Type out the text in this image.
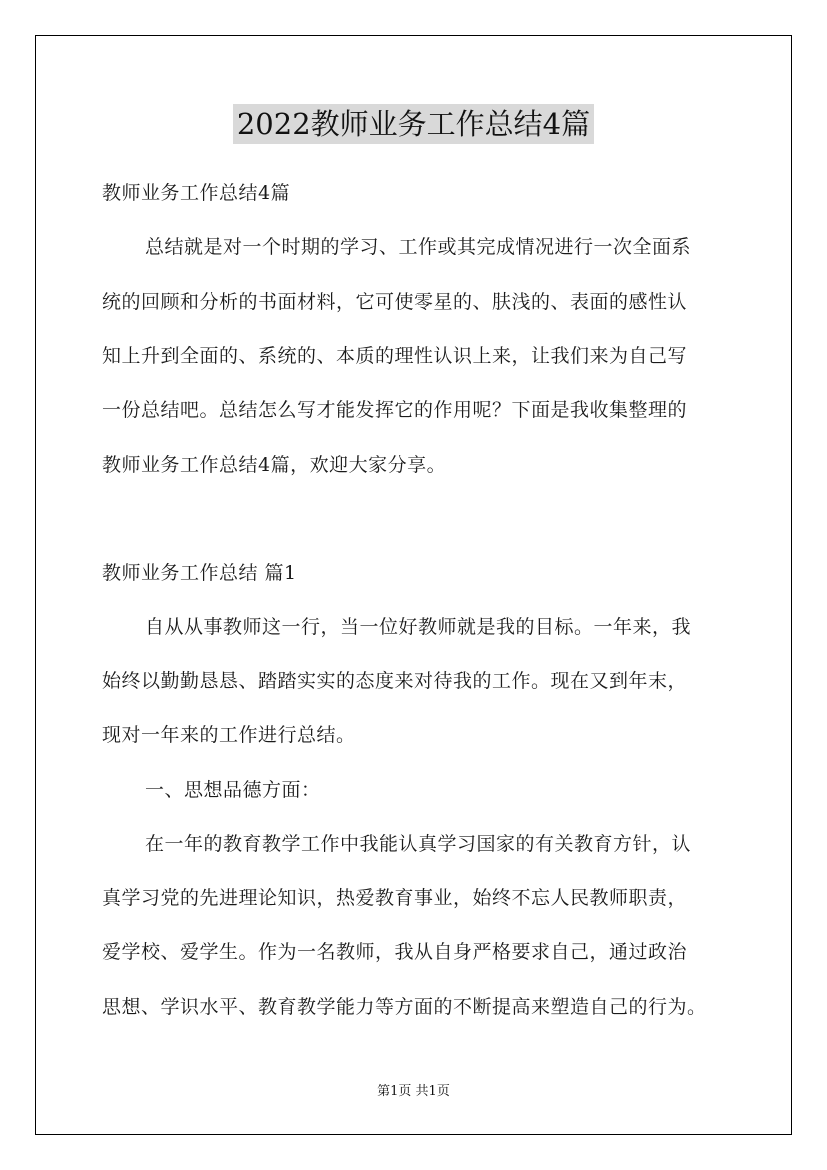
2022教师业务工作总结4篇
教师业务工作总结4篇
总结就是对一个时期的学习、工作或其完成情况进行一次全面系
统的回顾和分析的书面材料，它可使零星的、肤浅的、表面的感性认
知上升到全面的、系统的、本质的理性认识上来，让我们来为自己写
一份总结吧。总结怎么写才能发挥它的作用呢？下面是我收集整理的
教师业务工作总结4篇，欢迎大家分享。
教师业务工作总结 篇1
自从从事教师这一行，当一位好教师就是我的目标。一年来，我
始终以勤勤恳恳、踏踏实实的态度来对待我的工作。现在又到年末，
现对一年来的工作进行总结。
一、思想品德方面：
在一年的教育教学工作中我能认真学习国家的有关教育方针，认
真学习党的先进理论知识，热爱教育事业，始终不忘人民教师职责，
爱学校、爱学生。作为一名教师，我从自身严格要求自己，通过政治
思想、学识水平、教育教学能力等方面的不断提高来塑造自己的行为。
第1页 共1页
